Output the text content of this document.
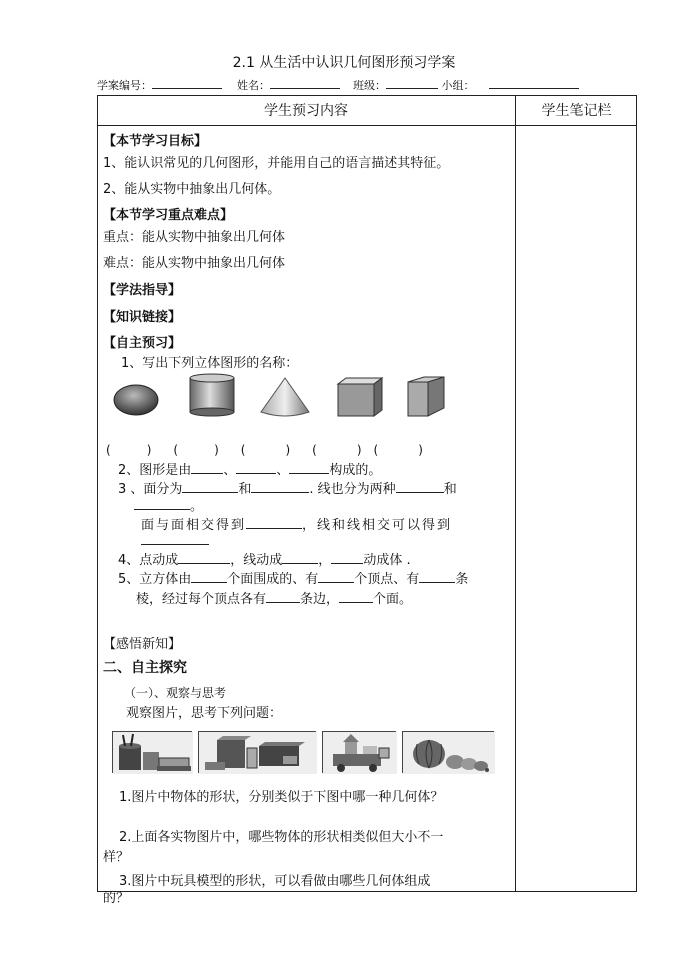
2.1 从生活中认识几何图形预习学案
学案编号：	姓名：	班级：	小组：
学生预习内容	学生笔记栏
【本节学习目标】
1、能认识常见的几何图形，并能用自己的语言描述其特征。
2、能从实物中抽象出几何体。
【本节学习重点难点】
重点：能从实物中抽象出几何体
难点：能从实物中抽象出几何体
【学法指导】
【知识链接】
【自主预习】
1、写出下列立体图形的名称：
(	) (	) (	) (	) (	)
2、图形是由 、	、	构成的。
3 、面分为	和	. 线也分为两种	和
。
面与面相交得到	，线和线相交可以得到
4、点动成	，线动成	， 动成体 .
5、立方体由	个面围成的、有	个顶点、有	条
棱，经过每个顶点各有	条边，	个面。
【感悟新知】
二、自主探究
（一）、观察与思考
观察图片，思考下列问题：
1.图片中物体的形状，分别类似于下图中哪一种几何体？
2.上面各实物图片中，哪些物体的形状相类似但大小不一
样？
3.图片中玩具模型的形状，可以看做由哪些几何体组成
的？
